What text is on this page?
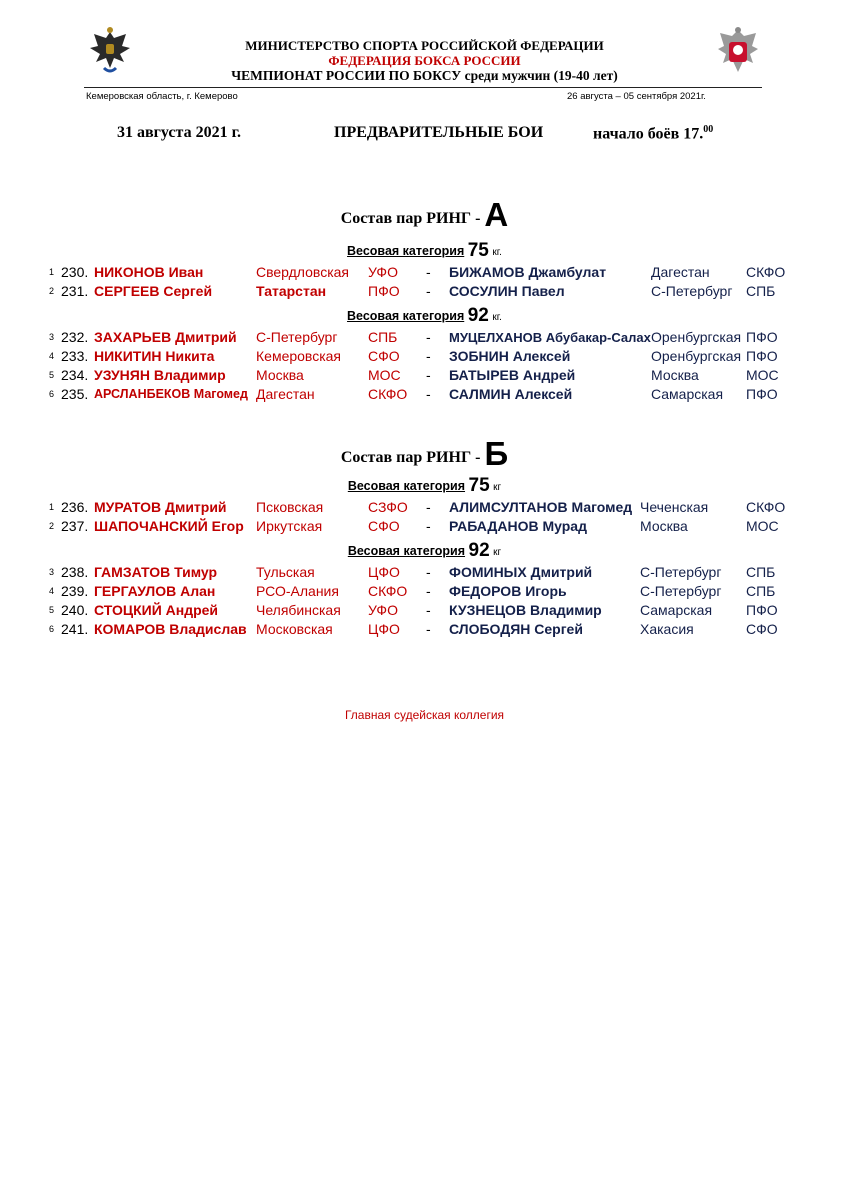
МИНИСТЕРСТВО СПОРТА РОССИЙСКОЙ ФЕДЕРАЦИИ
ФЕДЕРАЦИЯ БОКСА РОССИИ
ЧЕМПИОНАТ РОССИИ ПО БОКСУ среди мужчин (19-40 лет)
Кемеровская область, г. Кемерово	26 августа – 05 сентября 2021г.
31 августа 2021 г.	ПРЕДВАРИТЕЛЬНЫЕ БОИ	начало боёв 17.00
Состав пар РИНГ - А
Весовая категория 75 кг.
1 230. НИКОНОВ Иван	Свердловская УФО - БИЖАМОВ Джамбулат	Дагестан	СКФО
2 231. СЕРГЕЕВ Сергей	Татарстан	ПФО - СОСУЛИН Павел	С-Петербург СПБ
Весовая категория 92 кг.
3 232. ЗАХАРЬЕВ Дмитрий С-Петербург СПБ - МУЦЕЛХАНОВ Абубакар-Салах Оренбургская ПФО
4 233. НИКИТИН Никита	Кемеровская СФО - ЗОБНИН Алексей	Оренбургская ПФО
5 234. УЗУНЯН Владимир Москва	МОС - БАТЫРЕВ Андрей	Москва	МОС
6 235. АРСЛАНБЕКОВ Магомед Дагестан	СКФО - САЛМИН Алексей	Самарская ПФО
Состав пар РИНГ - Б
Весовая категория 75 кг
1 236. МУРАТОВ Дмитрий Псковская	СЗФО - АЛИМСУЛТАНОВ Магомед Чеченская	СКФО
2 237. ШАПОЧАНСКИЙ Егор Иркутская	СФО - РАБАДАНОВ Мурад	Москва	МОС
Весовая категория 92 кг
3 238. ГАМЗАТОВ Тимур	Тульская	ЦФО - ФОМИНЫХ Дмитрий	С-Петербург СПБ
4 239. ГЕРГАУЛОВ Алан	РСО-Алания СКФО - ФЕДОРОВ Игорь	С-Петербург СПБ
5 240. СТОЦКИЙ Андрей	Челябинская УФО - КУЗНЕЦОВ Владимир	Самарская ПФО
6 241. КОМАРОВ Владислав Московская	ЦФО - СЛОБОДЯН Сергей	Хакасия	СФО
Главная судейская коллегия
